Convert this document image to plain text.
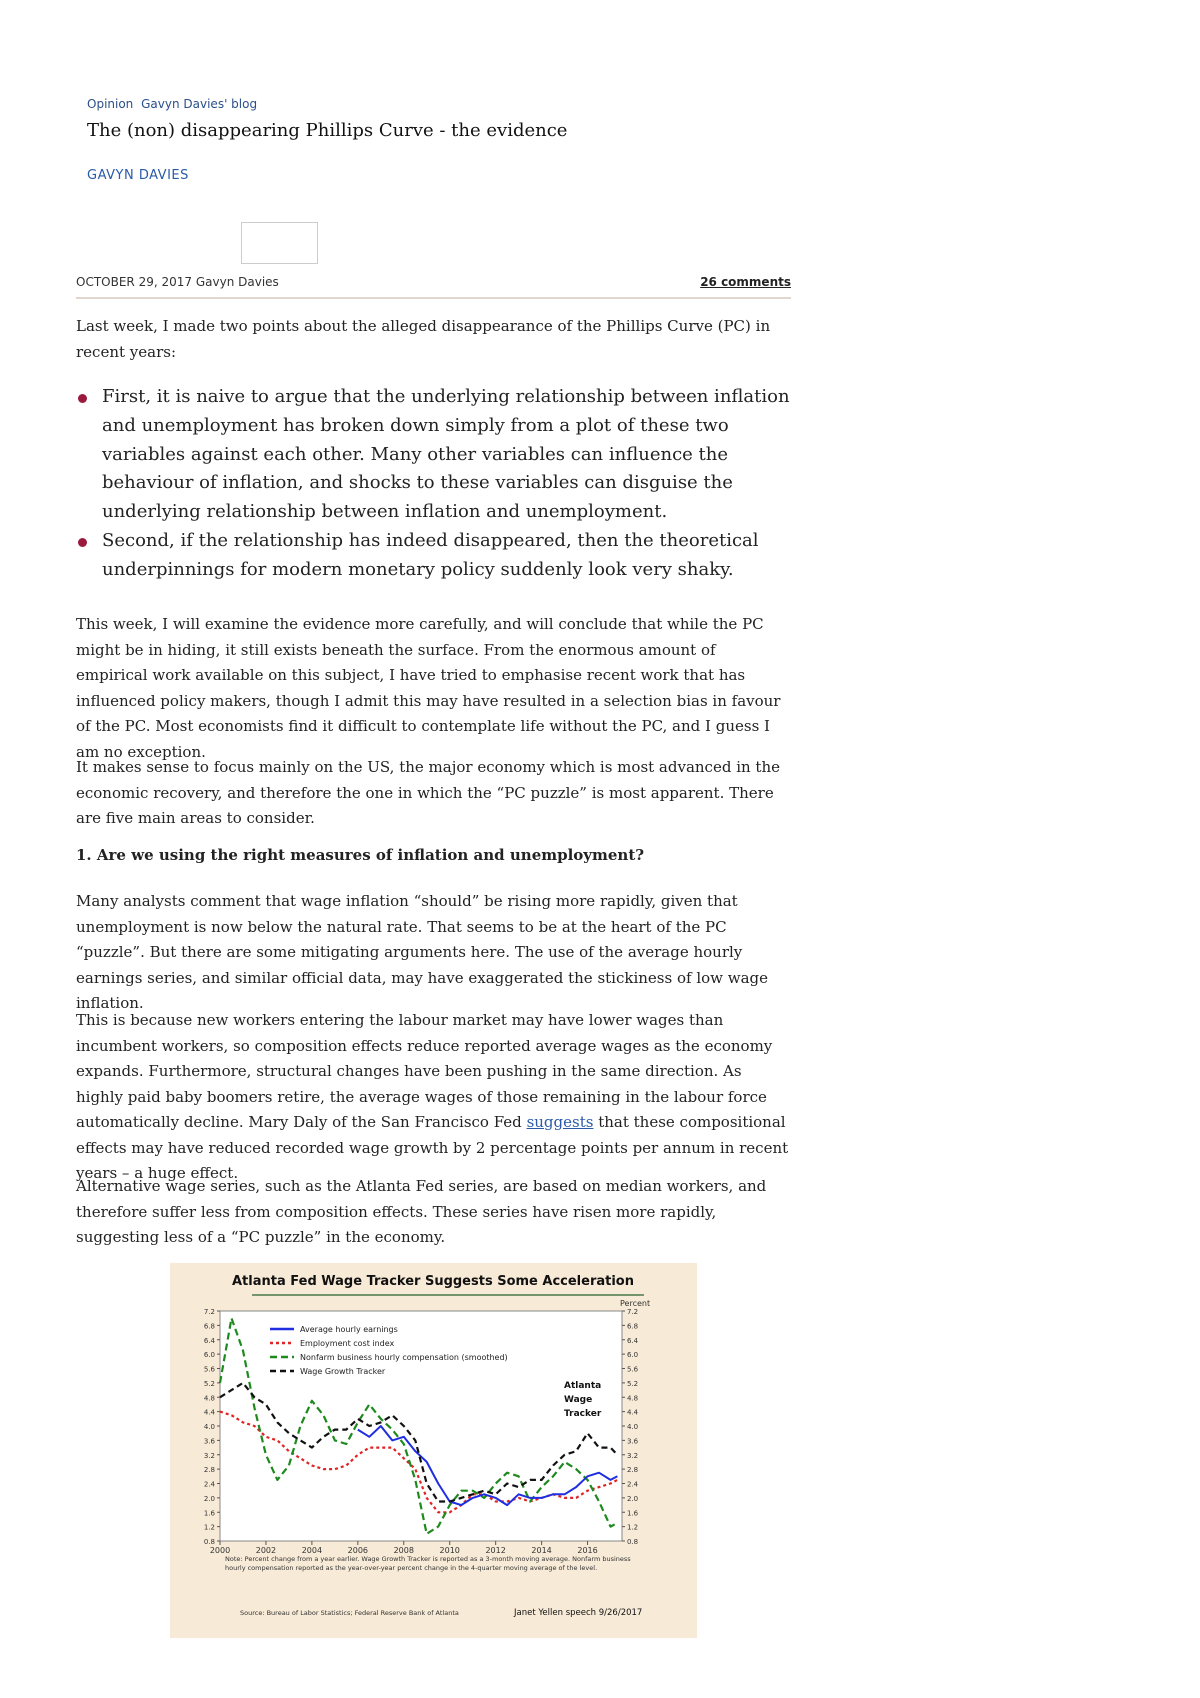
Opinion Gavyn Davies' blog
The (non) disappearing Phillips Curve - the evidence
GAVYN DAVIES
OCTOBER 29, 2017 Gavyn Davies	26 comments

Last week, I made two points about the alleged disappearance of the Phillips Curve (PC) in recent years:

First, it is naive to argue that the underlying relationship between inflation and unemployment has broken down simply from a plot of these two variables against each other. Many other variables can influence the behaviour of inflation, and shocks to these variables can disguise the underlying relationship between inflation and unemployment.
Second, if the relationship has indeed disappeared, then the theoretical underpinnings for modern monetary policy suddenly look very shaky.

This week, I will examine the evidence more carefully, and will conclude that while the PC might be in hiding, it still exists beneath the surface. From the enormous amount of empirical work available on this subject, I have tried to emphasise recent work that has influenced policy makers, though I admit this may have resulted in a selection bias in favour of the PC. Most economists find it difficult to contemplate life without the PC, and I guess I am no exception.

It makes sense to focus mainly on the US, the major economy which is most advanced in the economic recovery, and therefore the one in which the “PC puzzle” is most apparent. There are five main areas to consider.

1. Are we using the right measures of inflation and unemployment?

Many analysts comment that wage inflation “should” be rising more rapidly, given that unemployment is now below the natural rate. That seems to be at the heart of the PC “puzzle”. But there are some mitigating arguments here. The use of the average hourly earnings series, and similar official data, may have exaggerated the stickiness of low wage inflation.

This is because new workers entering the labour market may have lower wages than incumbent workers, so composition effects reduce reported average wages as the economy expands. Furthermore, structural changes have been pushing in the same direction. As highly paid baby boomers retire, the average wages of those remaining in the labour force automatically decline. Mary Daly of the San Francisco Fed suggests that these compositional effects may have reduced recorded wage growth by 2 percentage points per annum in recent years – a huge effect.

Alternative wage series, such as the Atlanta Fed series, are based on median workers, and therefore suffer less from composition effects. These series have risen more rapidly, suggesting less of a “PC puzzle” in the economy.

Atlanta Fed Wage Tracker Suggests Some Acceleration
Percent
7.2
6.8
6.4
6.0
5.6
5.2
4.8
4.4
4.0
3.6
3.2
2.8
2.4
2.0
1.6
1.2
0.8
7.2
6.8
6.4
6.0
5.6
5.2
4.8
4.4
4.0
3.6
3.2
2.8
2.4
2.0
1.6
1.2
0.8
2000	2002	2004	2006	2008	2010	2012	2014	2016
Average hourly earnings
Employment cost index
Nonfarm business hourly compensation (smoothed)
Wage Growth Tracker
Atlanta Wage Tracker
Note: Percent change from a year earlier. Wage Growth Tracker is reported as a 3-month moving average. Nonfarm business hourly compensation reported as the year-over-year percent change in the 4-quarter moving average of the level.
Source: Bureau of Labor Statistics; Federal Reserve Bank of Atlanta	Janet Yellen speech 9/26/2017
